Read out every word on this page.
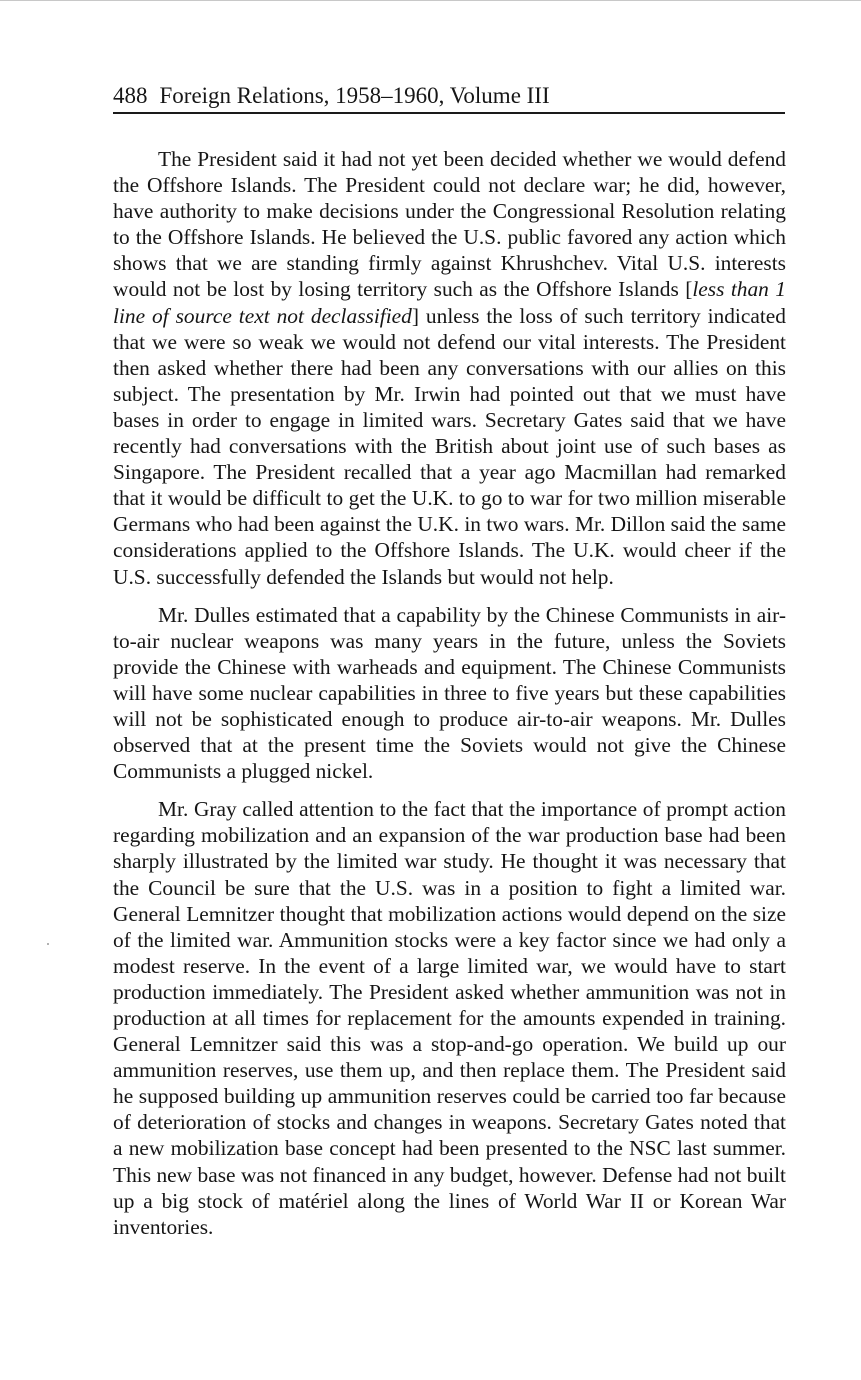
488 Foreign Relations, 1958–1960, Volume III

The President said it had not yet been decided whether we would defend the Offshore Islands. The President could not declare war; he did, however, have authority to make decisions under the Congressional Resolution relating to the Offshore Islands. He believed the U.S. public favored any action which shows that we are standing firmly against Khrushchev. Vital U.S. interests would not be lost by losing territory such as the Offshore Islands [less than 1 line of source text not declassified] unless the loss of such territory indicated that we were so weak we would not defend our vital interests. The President then asked whether there had been any conversations with our allies on this subject. The presentation by Mr. Irwin had pointed out that we must have bases in order to engage in limited wars. Secretary Gates said that we have recently had conversations with the British about joint use of such bases as Singapore. The President recalled that a year ago Macmillan had remarked that it would be difficult to get the U.K. to go to war for two million miserable Germans who had been against the U.K. in two wars. Mr. Dillon said the same considerations applied to the Offshore Islands. The U.K. would cheer if the U.S. successfully defended the Islands but would not help.

Mr. Dulles estimated that a capability by the Chinese Communists in air-to-air nuclear weapons was many years in the future, unless the Soviets provide the Chinese with warheads and equipment. The Chinese Communists will have some nuclear capabilities in three to five years but these capabilities will not be sophisticated enough to produce air-to-air weapons. Mr. Dulles observed that at the present time the Soviets would not give the Chinese Communists a plugged nickel.

Mr. Gray called attention to the fact that the importance of prompt action regarding mobilization and an expansion of the war production base had been sharply illustrated by the limited war study. He thought it was necessary that the Council be sure that the U.S. was in a position to fight a limited war. General Lemnitzer thought that mobilization actions would depend on the size of the limited war. Ammunition stocks were a key factor since we had only a modest reserve. In the event of a large limited war, we would have to start production immediately. The President asked whether ammunition was not in production at all times for replacement for the amounts expended in training. General Lemnitzer said this was a stop-and-go operation. We build up our ammunition reserves, use them up, and then replace them. The President said he supposed building up ammunition reserves could be carried too far because of deterioration of stocks and changes in weapons. Secretary Gates noted that a new mobilization base concept had been presented to the NSC last summer. This new base was not financed in any budget, however. Defense had not built up a big stock of matériel along the lines of World War II or Korean War inventories.
